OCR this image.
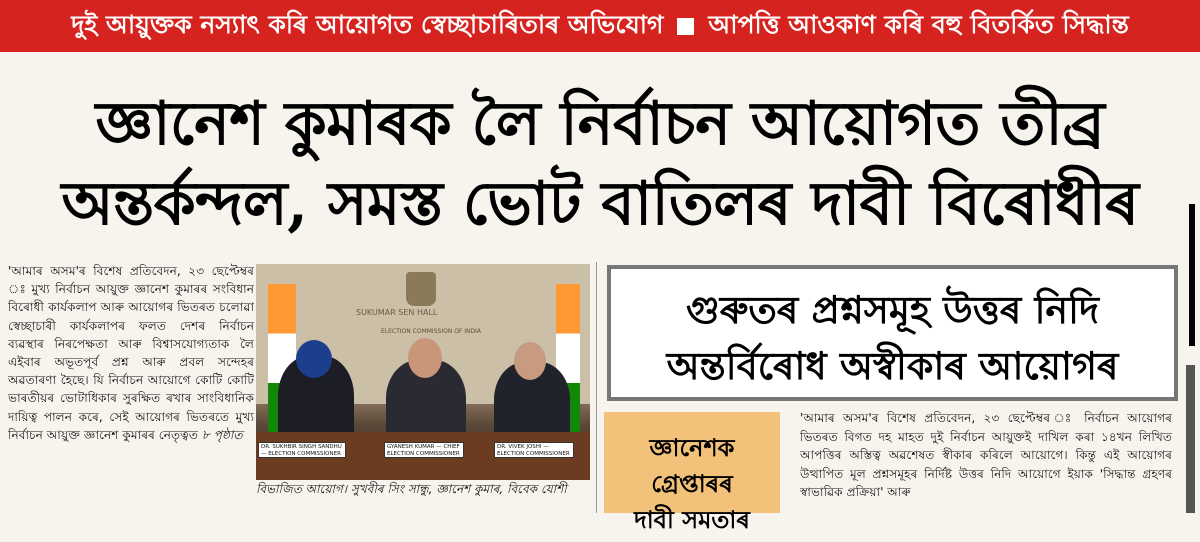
দুই আয়ুক্তক নস্যাৎ কৰি আয়োগত স্বেচ্ছাচাৰিতাৰ অভিযোগ আপত্তি আওকাণ কৰি বহু বিতৰ্কিত সিদ্ধান্ত
জ্ঞানেশ কুমাৰক লৈ নিৰ্বাচন আয়োগত তীব্ৰ
অন্তৰ্কন্দল, সমস্ত ভোট বাতিলৰ দাবী বিৰোধীৰ
'আমাৰ অসম'ৰ বিশেষ প্ৰতিবেদন, ২৩ ছেপ্টেম্বৰ ঃ মুখ্য নিৰ্বাচন আয়ুক্ত জ্ঞানেশ কুমাৰৰ সংবিধান বিৰোধী কাৰ্যকলাপ আৰু আয়োগৰ ভিতৰত চলোৱা স্বেচ্ছাচাৰী কাৰ্যকলাপৰ ফলত দেশৰ নিৰ্বাচন ব্যৱস্থাৰ নিৰপেক্ষতা আৰু বিশ্বাসযোগ্যতাক লৈ এইবাৰ অভূতপূৰ্ব প্ৰশ্ন আৰু প্ৰবল সন্দেহৰ অৱতাৰণা হৈছে। যি নিৰ্বাচন আয়োগে কোটি কোটি ভাৰতীয়ৰ ভোটাধিকাৰ সুৰক্ষিত ৰখাৰ সাংবিধানিক দায়িত্ব পালন কৰে, সেই আয়োগৰ ভিতৰতে মুখ্য নিৰ্বাচন আয়ুক্ত জ্ঞানেশ কুমাৰৰ নেতৃত্বত ৮ পৃষ্ঠাত
SUKUMAR SEN HALL
ELECTION COMMISSION OF INDIA
DR. SUKHBIR SINGH SANDHU — ELECTION COMMISSIONER
GYANESH KUMAR — CHIEF ELECTION COMMISSIONER
DR. VIVEK JOSHI — ELECTION COMMISSIONER
বিভাজিত আয়োগ। সুখবীৰ সিং সান্ধু, জ্ঞানেশ কুমাৰ, বিবেক যোশী
গুৰুতৰ প্ৰশ্নসমূহ উত্তৰ নিদি
অন্তৰ্বিৰোধ অস্বীকাৰ আয়োগৰ
জ্ঞানেশক
গ্ৰেপ্তাৰৰ
দাবী সমতাৰ
'আমাৰ অসম'ৰ বিশেষ প্ৰতিবেদন, ২৩ ছেপ্টেম্বৰ ঃ নিৰ্বাচন আয়োগৰ ভিতৰত বিগত দহ মাহত দুই নিৰ্বাচন আয়ুক্তই দাখিল কৰা ১৪খন লিখিত আপত্তিৰ অস্তিত্ব অৱশেষত স্বীকাৰ কৰিলে আয়োগে। কিন্তু এই আয়োগৰ উত্থাপিত মূল প্ৰশ্নসমূহৰ নিৰ্দিষ্ট উত্তৰ নিদি আয়োগে ইয়াক 'সিদ্ধান্ত গ্ৰহণৰ স্বাভাৱিক প্ৰক্ৰিয়া' আৰু
